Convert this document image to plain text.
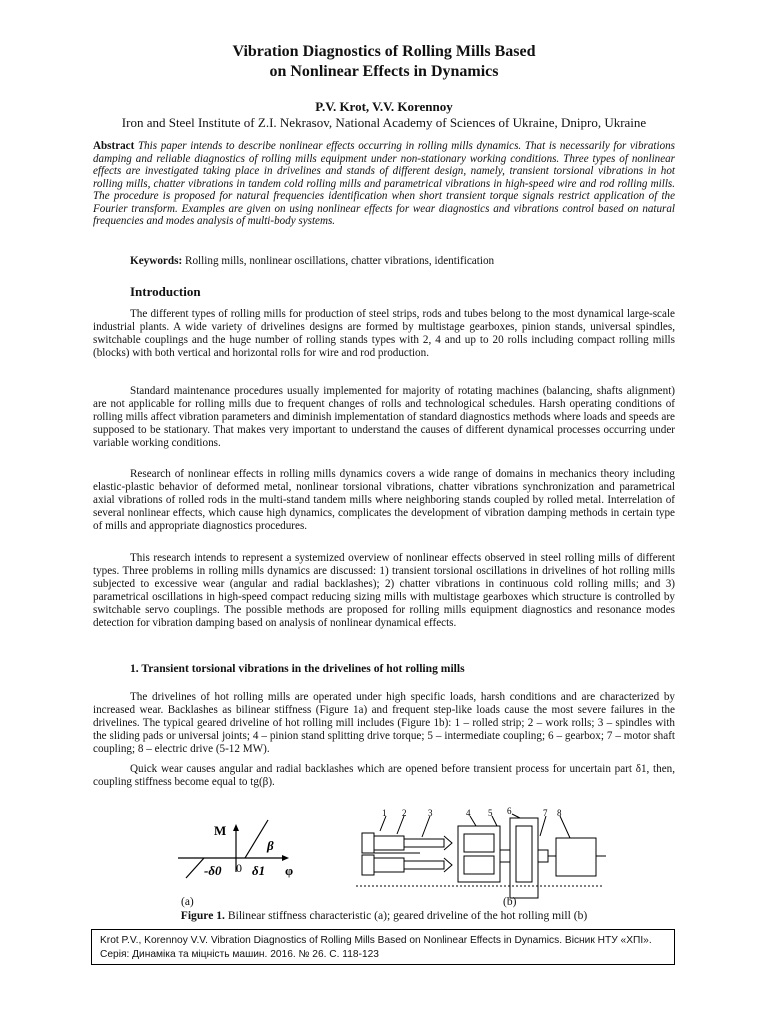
Vibration Diagnostics of Rolling Mills Based
on Nonlinear Effects in Dynamics
P.V. Krot, V.V. Korennoy
Iron and Steel Institute of Z.I. Nekrasov, National Academy of Sciences of Ukraine, Dnipro, Ukraine
Abstract This paper intends to describe nonlinear effects occurring in rolling mills dynamics. That is necessarily for vibrations damping and reliable diagnostics of rolling mills equipment under non-stationary working conditions. Three types of nonlinear effects are investigated taking place in drivelines and stands of different design, namely, transient torsional vibrations in hot rolling mills, chatter vibrations in tandem cold rolling mills and parametrical vibrations in high-speed wire and rod rolling mills. The procedure is proposed for natural frequencies identification when short transient torque signals restrict application of the Fourier transform. Examples are given on using nonlinear effects for wear diagnostics and vibrations control based on natural frequencies and modes analysis of multi-body systems.
Keywords: Rolling mills, nonlinear oscillations, chatter vibrations, identification
Introduction

The different types of rolling mills for production of steel strips, rods and tubes belong to the most dynamical large-scale industrial plants. A wide variety of drivelines designs are formed by multistage gearboxes, pinion stands, universal spindles, switchable couplings and the huge number of rolling stands types with 2, 4 and up to 20 rolls including compact rolling mills (blocks) with both vertical and horizontal rolls for wire and rod production.

Standard maintenance procedures usually implemented for majority of rotating machines (balancing, shafts alignment) are not applicable for rolling mills due to frequent changes of rolls and technological schedules. Harsh operating conditions of rolling mills affect vibration parameters and diminish implementation of standard diagnostics methods where loads and speeds are supposed to be stationary. That makes very important to understand the causes of different dynamical processes occurring under variable working conditions.

Research of nonlinear effects in rolling mills dynamics covers a wide range of domains in mechanics theory including elastic-plastic behavior of deformed metal, nonlinear torsional vibrations, chatter vibrations synchronization and parametrical axial vibrations of rolled rods in the multi-stand tandem mills where neighboring stands coupled by rolled metal. Interrelation of several nonlinear effects, which cause high dynamics, complicates the development of vibration damping methods in certain type of mills and appropriate diagnostics procedures.

This research intends to represent a systemized overview of nonlinear effects observed in steel rolling mills of different types. Three problems in rolling mills dynamics are discussed: 1) transient torsional oscillations in drivelines of hot rolling mills subjected to excessive wear (angular and radial backlashes); 2) chatter vibrations in continuous cold rolling mills; and 3) parametrical oscillations in high-speed compact reducing sizing mills with multistage gearboxes which structure is controlled by switchable servo couplings. The possible methods are proposed for rolling mills equipment diagnostics and resonance modes detection for vibration damping based on analysis of nonlinear dynamical effects.

1. Transient torsional vibrations in the drivelines of hot rolling mills

The drivelines of hot rolling mills are operated under high specific loads, harsh conditions and are characterized by increased wear. Backlashes as bilinear stiffness (Figure 1a) and frequent step-like loads cause the most severe failures in the drivelines. The typical geared driveline of hot rolling mill includes (Figure 1b): 1 – rolled strip; 2 – work rolls; 3 – spindles with the sliding pads or universal joints; 4 – pinion stand splitting drive torque; 5 – intermediate coupling; 6 – gearbox; 7 – motor shaft coupling; 8 – electric drive (5-12 MW).

Quick wear causes angular and radial backlashes which are opened before transient process for uncertain part δ1, then, coupling stiffness become equal to tg(β).

M
β
-δ0 0 δ1 φ
1 2 3	4 5 6	7 8
(a)	(b)
Figure 1. Bilinear stiffness characteristic (a); geared driveline of the hot rolling mill (b)
Krot P.V., Korennoy V.V. Vibration Diagnostics of Rolling Mills Based on Nonlinear Effects in Dynamics. Вісник НТУ «ХПІ». Серія: Динаміка та міцність машин. 2016. № 26. С. 118-123
